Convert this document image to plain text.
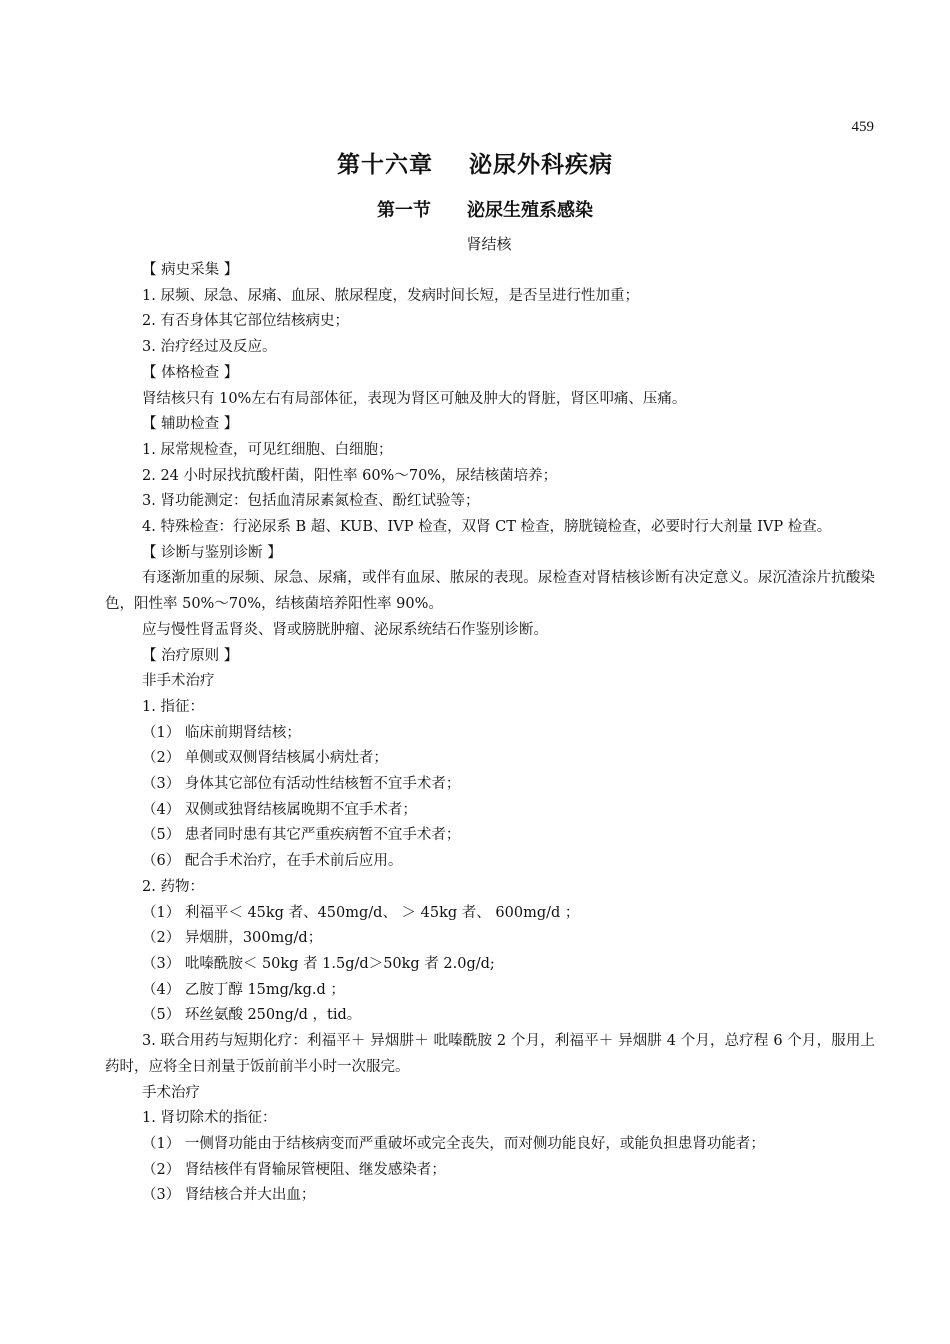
459
第十六章 泌尿外科疾病
第一节 泌尿生殖系感染
肾结核
【 病史采集 】
1. 尿频、尿急、尿痛、血尿、脓尿程度，发病时间长短，是否呈进行性加重；
2. 有否身体其它部位结核病史；
3. 治疗经过及反应。
【 体格检查 】
肾结核只有 10%左右有局部体征，表现为肾区可触及肿大的肾脏，肾区叩痛、压痛。
【 辅助检查 】
1. 尿常规检查，可见红细胞、白细胞；
2. 24 小时尿找抗酸杆菌，阳性率 60%～70%，尿结核菌培养；
3. 肾功能测定：包括血清尿素氮检查、酚红试验等；
4. 特殊检查：行泌尿系 B 超、KUB、IVP 检查，双肾 CT 检查，膀胱镜检查，必要时行大剂量 IVP 检查。
【 诊断与鉴别诊断 】
有逐渐加重的尿频、尿急、尿痛，或伴有血尿、脓尿的表现。尿检查对肾桔核诊断有决定意义。尿沉渣涂片抗酸染色，阳性率 50%～70%，结核菌培养阳性率 90%。
应与慢性肾盂肾炎、肾或膀胱肿瘤、泌尿系统结石作鉴别诊断。
【 治疗原则 】
非手术治疗
1. 指征：
（1） 临床前期肾结核；
（2） 单侧或双侧肾结核属小病灶者；
（3） 身体其它部位有活动性结核暂不宜手术者；
（4） 双侧或独肾结核属晚期不宜手术者；
（5） 患者同时患有其它严重疾病暂不宜手术者；
（6） 配合手术治疗，在手术前后应用。
2. 药物：
（1） 利福平＜ 45kg 者、450mg/d、 ＞ 45kg 者、 600mg/d ；
（2） 异烟肼，300mg/d；
（3） 吡嗪酰胺＜ 50kg 者 1.5g/d＞50kg 者 2.0g/d;
（4） 乙胺丁醇 15mg/kg.d ；
（5） 环丝氨酸 250ng/d ，tid。
3. 联合用药与短期化疗：利福平＋ 异烟肼＋ 吡嗪酰胺 2 个月，利福平＋ 异烟肼 4 个月，总疗程 6 个月，服用上药时，应将全日剂量于饭前前半小时一次服完。
手术治疗
1. 肾切除术的指征：
（1） 一侧肾功能由于结核病变而严重破坏或完全丧失，而对侧功能良好，或能负担患肾功能者；
（2） 肾结核伴有肾输尿管梗阻、继发感染者；
（3） 肾结核合并大出血；
